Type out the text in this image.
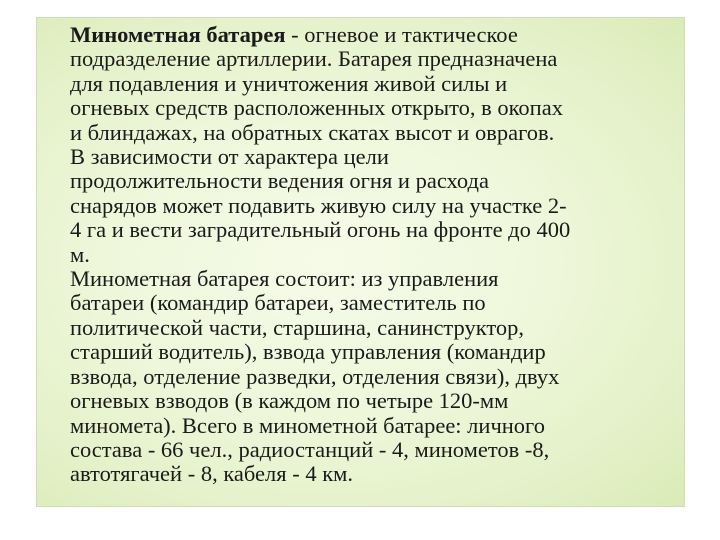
Минометная батарея - огневое и тактическое
подразделение артиллерии. Батарея предназначена
для подавления и уничтожения живой силы и
огневых средств расположенных открыто, в окопах
и блиндажах, на обратных скатах высот и оврагов.
В зависимости от характера цели
продолжительности ведения огня и расхода
снарядов может подавить живую силу на участке 2-
4 га и вести заградительный огонь на фронте до 400
м.
Минометная батарея состоит: из управления
батареи (командир батареи, заместитель по
политической части, старшина, санинструктор,
старший водитель), взвода управления (командир
взвода, отделение разведки, отделения связи), двух
огневых взводов (в каждом по четыре 120-мм
минометa). Всего в минометной батарее: личного
состава - 66 чел., радиостанций - 4, минометов -8,
автотягачей - 8, кабеля - 4 км.
